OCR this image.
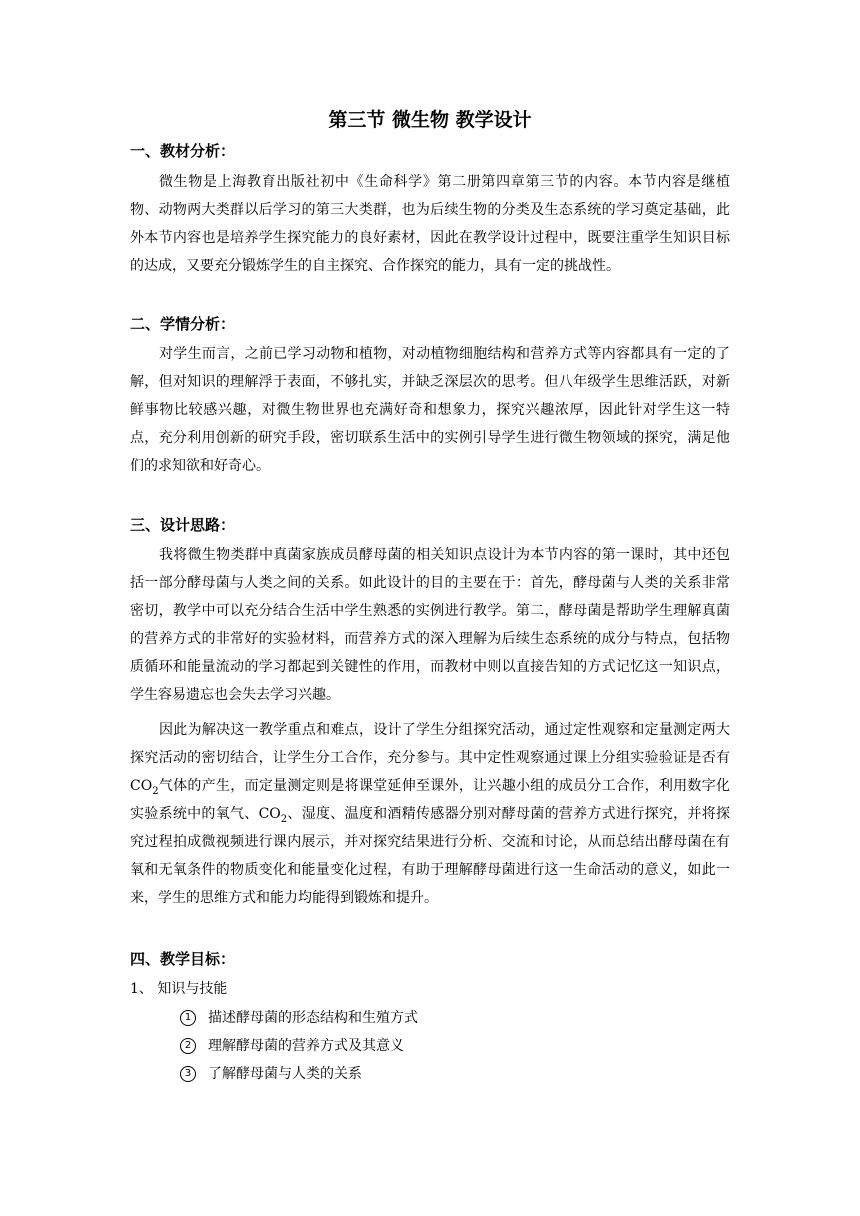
第三节 微生物 教学设计
一、教材分析：

微生物是上海教育出版社初中《生命科学》第二册第四章第三节的内容。本节内容是继植物、动物两大类群以后学习的第三大类群，也为后续生物的分类及生态系统的学习奠定基础，此外本节内容也是培养学生探究能力的良好素材，因此在教学设计过程中，既要注重学生知识目标的达成，又要充分锻炼学生的自主探究、合作探究的能力，具有一定的挑战性。

二、学情分析：

对学生而言，之前已学习动物和植物，对动植物细胞结构和营养方式等内容都具有一定的了解，但对知识的理解浮于表面，不够扎实，并缺乏深层次的思考。但八年级学生思维活跃，对新鲜事物比较感兴趣，对微生物世界也充满好奇和想象力，探究兴趣浓厚，因此针对学生这一特点，充分利用创新的研究手段，密切联系生活中的实例引导学生进行微生物领域的探究，满足他们的求知欲和好奇心。

三、设计思路：

我将微生物类群中真菌家族成员酵母菌的相关知识点设计为本节内容的第一课时，其中还包括一部分酵母菌与人类之间的关系。如此设计的目的主要在于：首先，酵母菌与人类的关系非常密切，教学中可以充分结合生活中学生熟悉的实例进行教学。第二，酵母菌是帮助学生理解真菌的营养方式的非常好的实验材料，而营养方式的深入理解为后续生态系统的成分与特点，包括物质循环和能量流动的学习都起到关键性的作用，而教材中则以直接告知的方式记忆这一知识点，学生容易遗忘也会失去学习兴趣。

因此为解决这一教学重点和难点，设计了学生分组探究活动，通过定性观察和定量测定两大探究活动的密切结合，让学生分工合作，充分参与。其中定性观察通过课上分组实验验证是否有 $CO_2$气体的产生，而定量测定则是将课堂延伸至课外，让兴趣小组的成员分工合作，利用数字化实验系统中的氧气、$CO_2$、湿度、温度和酒精传感器分别对酵母菌的营养方式进行探究，并将探究过程拍成微视频进行课内展示，并对探究结果进行分析、交流和讨论，从而总结出酵母菌在有氧和无氧条件的物质变化和能量变化过程，有助于理解酵母菌进行这一生命活动的意义，如此一来，学生的思维方式和能力均能得到锻炼和提升。

四、教学目标：

1、 知识与技能

1	描述酵母菌的形态结构和生殖方式
2	理解酵母菌的营养方式及其意义
3	了解酵母菌与人类的关系
